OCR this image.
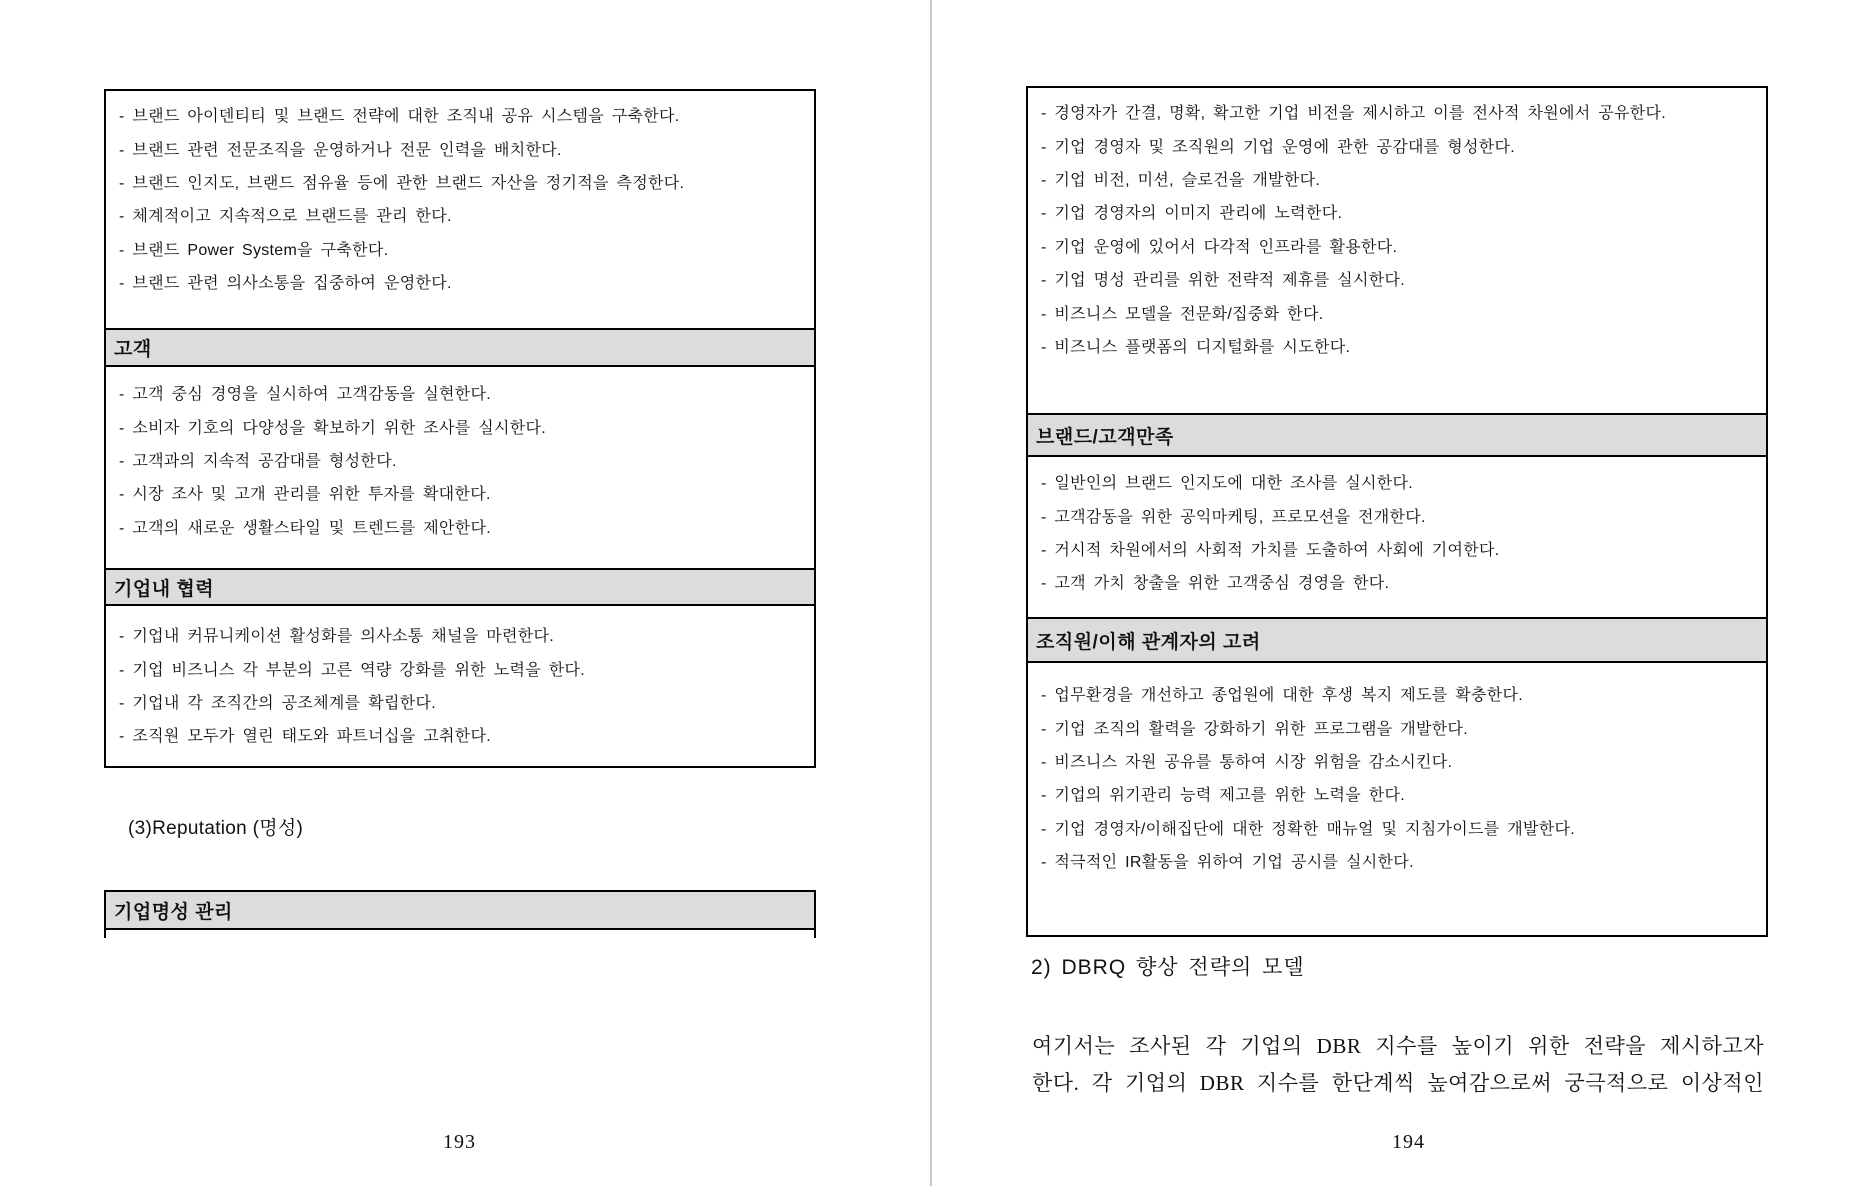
- 브랜드 아이덴티티 및 브랜드 전략에 대한 조직내 공유 시스템을 구축한다.
- 브랜드 관련 전문조직을 운영하거나 전문 인력을 배치한다.
- 브랜드 인지도, 브랜드 점유율 등에 관한 브랜드 자산을 정기적을 측정한다.
- 체계적이고 지속적으로 브랜드를 관리 한다.
- 브랜드 Power System을 구축한다.
- 브랜드 관련 의사소통을 집중하여 운영한다.
고객
- 고객 중심 경영을 실시하여 고객감동을 실현한다.
- 소비자 기호의 다양성을 확보하기 위한 조사를 실시한다.
- 고객과의 지속적 공감대를 형성한다.
- 시장 조사 및 고개 관리를 위한 투자를 확대한다.
- 고객의 새로운 생활스타일 및 트렌드를 제안한다.
기업내 협력
- 기업내 커뮤니케이션 활성화를 의사소통 채널을 마련한다.
- 기업 비즈니스 각 부분의 고른 역량 강화를 위한 노력을 한다.
- 기업내 각 조직간의 공조체계를 확립한다.
- 조직원 모두가 열린 태도와 파트너십을 고취한다.
(3)Reputation (명성)
기업명성 관리
193
- 경영자가 간결, 명확, 확고한 기업 비전을 제시하고 이를 전사적 차원에서 공유한다.
- 기업 경영자 및 조직원의 기업 운영에 관한 공감대를 형성한다.
- 기업 비전, 미션, 슬로건을 개발한다.
- 기업 경영자의 이미지 관리에 노력한다.
- 기업 운영에 있어서 다각적 인프라를 활용한다.
- 기업 명성 관리를 위한 전략적 제휴를 실시한다.
- 비즈니스 모델을 전문화/집중화 한다.
- 비즈니스 플랫폼의 디지털화를 시도한다.
브랜드/고객만족
- 일반인의 브랜드 인지도에 대한 조사를 실시한다.
- 고객감동을 위한 공익마케팅, 프로모션을 전개한다.
- 거시적 차원에서의 사회적 가치를 도출하여 사회에 기여한다.
- 고객 가치 창출을 위한 고객중심 경영을 한다.
조직원/이해 관계자의 고려
- 업무환경을 개선하고 종업원에 대한 후생 복지 제도를 확충한다.
- 기업 조직의 활력을 강화하기 위한 프로그램을 개발한다.
- 비즈니스 자원 공유를 통하여 시장 위험을 감소시킨다.
- 기업의 위기관리 능력 제고를 위한 노력을 한다.
- 기업 경영자/이해집단에 대한 정확한 매뉴얼 및 지침가이드를 개발한다.
- 적극적인 IR활동을 위하여 기업 공시를 실시한다.
2) DBRQ 향상 전략의 모델
여기서는 조사된 각 기업의 DBR 지수를 높이기 위한 전략을 제시하고자
한다. 각 기업의 DBR 지수를 한단계씩 높여감으로써 궁극적으로 이상적인
194
